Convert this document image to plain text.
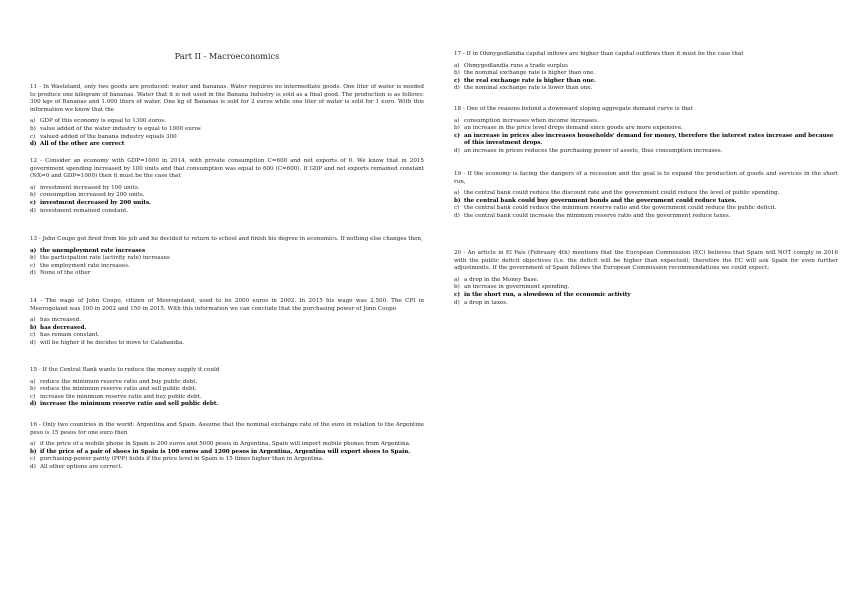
Part II - Macroeconomics
11 - In Wasteland, only two goods are produced: water and bananas. Water requires no intermediate goods. One liter of water is needed to produce one kilogram of bananas. Water that it is not used in the Banana Industry is sold as a final good. The production is as follows: 300 kgs of Bananas and 1.000 liters of water. One kg of Bananas is sold for 2 euros while one liter of water is sold for 1 euro. With this information we know that the
a) GDP of this economy is equal to 1300 euros.
b) value added of the water industry is equal to 1000 euros
c) valued added of the banana industry equals 300
d) All of the other are correct
12 - Consider an economy with GDP=1000 in 2014, with private consumption C=600 and net exports of 0. We know that in 2015 government spending increased by 100 units and that consumption was equal to 600 (C=600). If GDP and net exports remained constant (NX=0 and GDP=1000) then it must be the case that
a) investment increased by 100 units.
b) consumption increased by 200 units.
c) investment decreased by 200 units.
d) investment remained constant.
13 - John Coupo got fired from his job and he decided to return to school and finish his degree in economics. If nothing else changes then,
a) the unemployment rate increases
b) the participation rate (activity rate) increases
c) the employment rate increases.
d) None of the other
14 - The wage of John Coupo, citizen of Meerogoland, used to be 2000 euros in 2002. In 2015 his wage was 2,500. The CPI in Meerogoland was 100 in 2002 and 150 in 2015. With this information we can conclude that the purchasing power of Jonn Coupo
a) has increased.
b) has decreased.
c) has remain constant.
d) will be higher if he decides to move to Calabandia.
15 - If the Central Bank wants to reduce the money supply it could
a) reduce the minimum reserve ratio and buy public debt.
b) reduce the minimum reserve ratio and sell public debt.
c) increase the minimum reserve ratio and buy public debt.
d) increase the minimum reserve ratio and sell public debt.
16 - Only two countries in the world: Argentina and Spain. Assume that the nominal exchange rate of the euro in relation to the Argentine peso is 15 pesos for one euro then
a) if the price of a mobile phone in Spain is 200 euros and 5000 pesos in Argentina, Spain will import mobile phones from Argentina.
b) if the price of a pair of shoes in Spain is 100 euros and 1200 pesos in Argentina, Argentina will export shoes to Spain.
c) purchasing-power parity (PPP) holds if the price level in Spain is 15 times higher than in Argentina.
d) All other options are correct.
17 - If in Ohmygodlandia capital inflows are higher than capital outflows then it must be the case that
a) Ohmygodlandia runs a trade surplus
b) the nominal exchange rate is higher than one.
c) the real exchange rate is higher than one.
d) the nominal exchange rate is lower than one.
18 - One of the reasons behind a downward sloping aggregate demand curve is that
a) consumption increases when income increases.
b) an increase in the price level drops demand since goods are more expensive.
c) an increase in prices also increases households' demand for money, therefore the interest rates increase and because of this investment drops.
d) an increase in prices reduces the purchasing power of assets, thus consumption increases.
19 - If the economy is facing the dangers of a recession and the goal is to expand the production of goods and services in the short run,
a) the central bank could reduce the discount rate and the government could reduce the level of public spending.
b) the central bank could buy government bonds and the government could reduce taxes.
c) the central bank could reduce the minimum reserve ratio and the government could reduce the public deficit.
d) the central bank could increase the minimum reserve ratio and the government reduce taxes.
20 - An article in El País (February 4th) mentions that the European Commission (EC) believes that Spain will NOT comply in 2016 with the public deficit objectives (i.e. the deficit will be higher than expected), therefore the EC will ask Spain for even further adjustments. If the government of Spain follows the European Commission recommendations we could expect:
a) a drop in the Money Base.
b) an increase in government spending.
c) in the short run, a slowdown of the economic activity
d) a drop in taxes.
